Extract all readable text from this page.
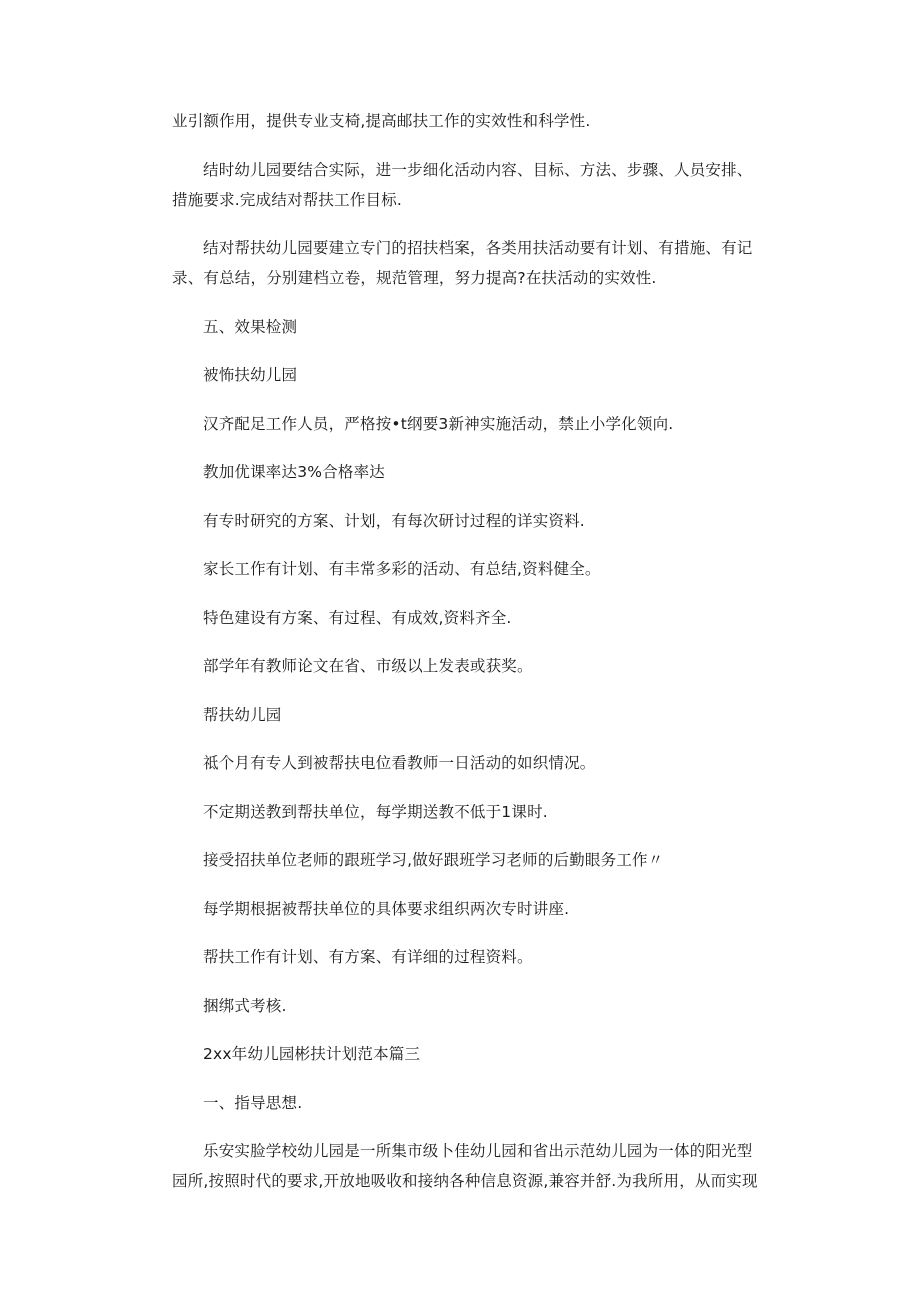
业引额作用，提供专业支椅,提高邮扶工作的实效性和科学性.

结时幼儿园要结合实际，进一步细化活动内容、目标、方法、步骤、人员安排、
措施要求.完成结对帮扶工作目标.

结对帮扶幼儿园要建立专门的招扶档案，各类用扶活动要有计划、有措施、有记
录、有总结，分别建档立卷，规范管理，努力提高?在扶活动的实效性.

五、效果检测

被怖扶幼儿园

汉齐配足工作人员，严格按•t纲要3新神实施活动，禁止小学化领向.

教加优课率达3%合格率达

有专时研究的方案、计划，有每次研讨过程的详实资料.

家长工作有计划、有丰常多彩的活动、有总结,资料健全。

特色建设有方案、有过程、有成效,资料齐全.

部学年有教师论文在省、市级以上发表或获奖。

帮扶幼儿园

祗个月有专人到被帮扶电位看教师一日活动的如织情况。

不定期送教到帮扶单位，每学期送教不低于1课时.

接受招扶单位老师的跟班学习,做好跟班学习老师的后勤眼务工作〃

每学期根据被帮扶单位的具体要求组织两次专时讲座.

帮扶工作有计划、有方案、有详细的过程资料。

捆绑式考核.

2xx年幼儿园彬扶计划范本篇三

一、指导思想.

乐安实脸学校幼儿园是一所集市级卜佳幼儿园和省出示范幼儿园为一体的阳光型
园所,按照时代的要求,开放地吸收和接纳各种信息资源,兼容并舒.为我所用，从而实现
